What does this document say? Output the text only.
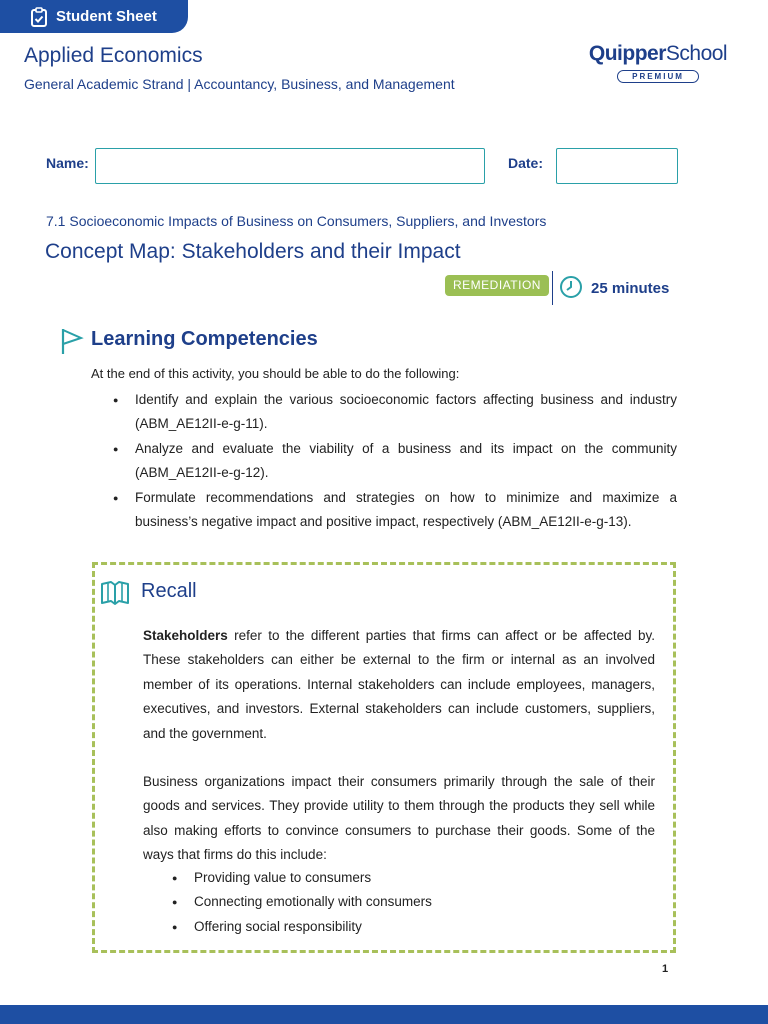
Student Sheet
Applied Economics
General Academic Strand | Accountancy, Business, and Management
QuipperSchool
PREMIUM
Name:	Date:
7.1 Socioeconomic Impacts of Business on Consumers, Suppliers, and Investors
Concept Map: Stakeholders and their Impact
REMEDIATION	25 minutes
Learning Competencies
At the end of this activity, you should be able to do the following:
● Identify and explain the various socioeconomic factors affecting business and industry (ABM_AE12II-e-g-11).
● Analyze and evaluate the viability of a business and its impact on the community (ABM_AE12II-e-g-12).
● Formulate recommendations and strategies on how to minimize and maximize a business’s negative impact and positive impact, respectively (ABM_AE12II-e-g-13).
Recall

Stakeholders refer to the different parties that firms can affect or be affected by. These stakeholders can either be external to the firm or internal as an involved member of its operations. Internal stakeholders can include employees, managers, executives, and investors. External stakeholders can include customers, suppliers, and the government.

Business organizations impact their consumers primarily through the sale of their goods and services. They provide utility to them through the products they sell while also making efforts to convince consumers to purchase their goods. Some of the ways that firms do this include:

● Providing value to consumers
● Connecting emotionally with consumers
● Offering social responsibility
1
